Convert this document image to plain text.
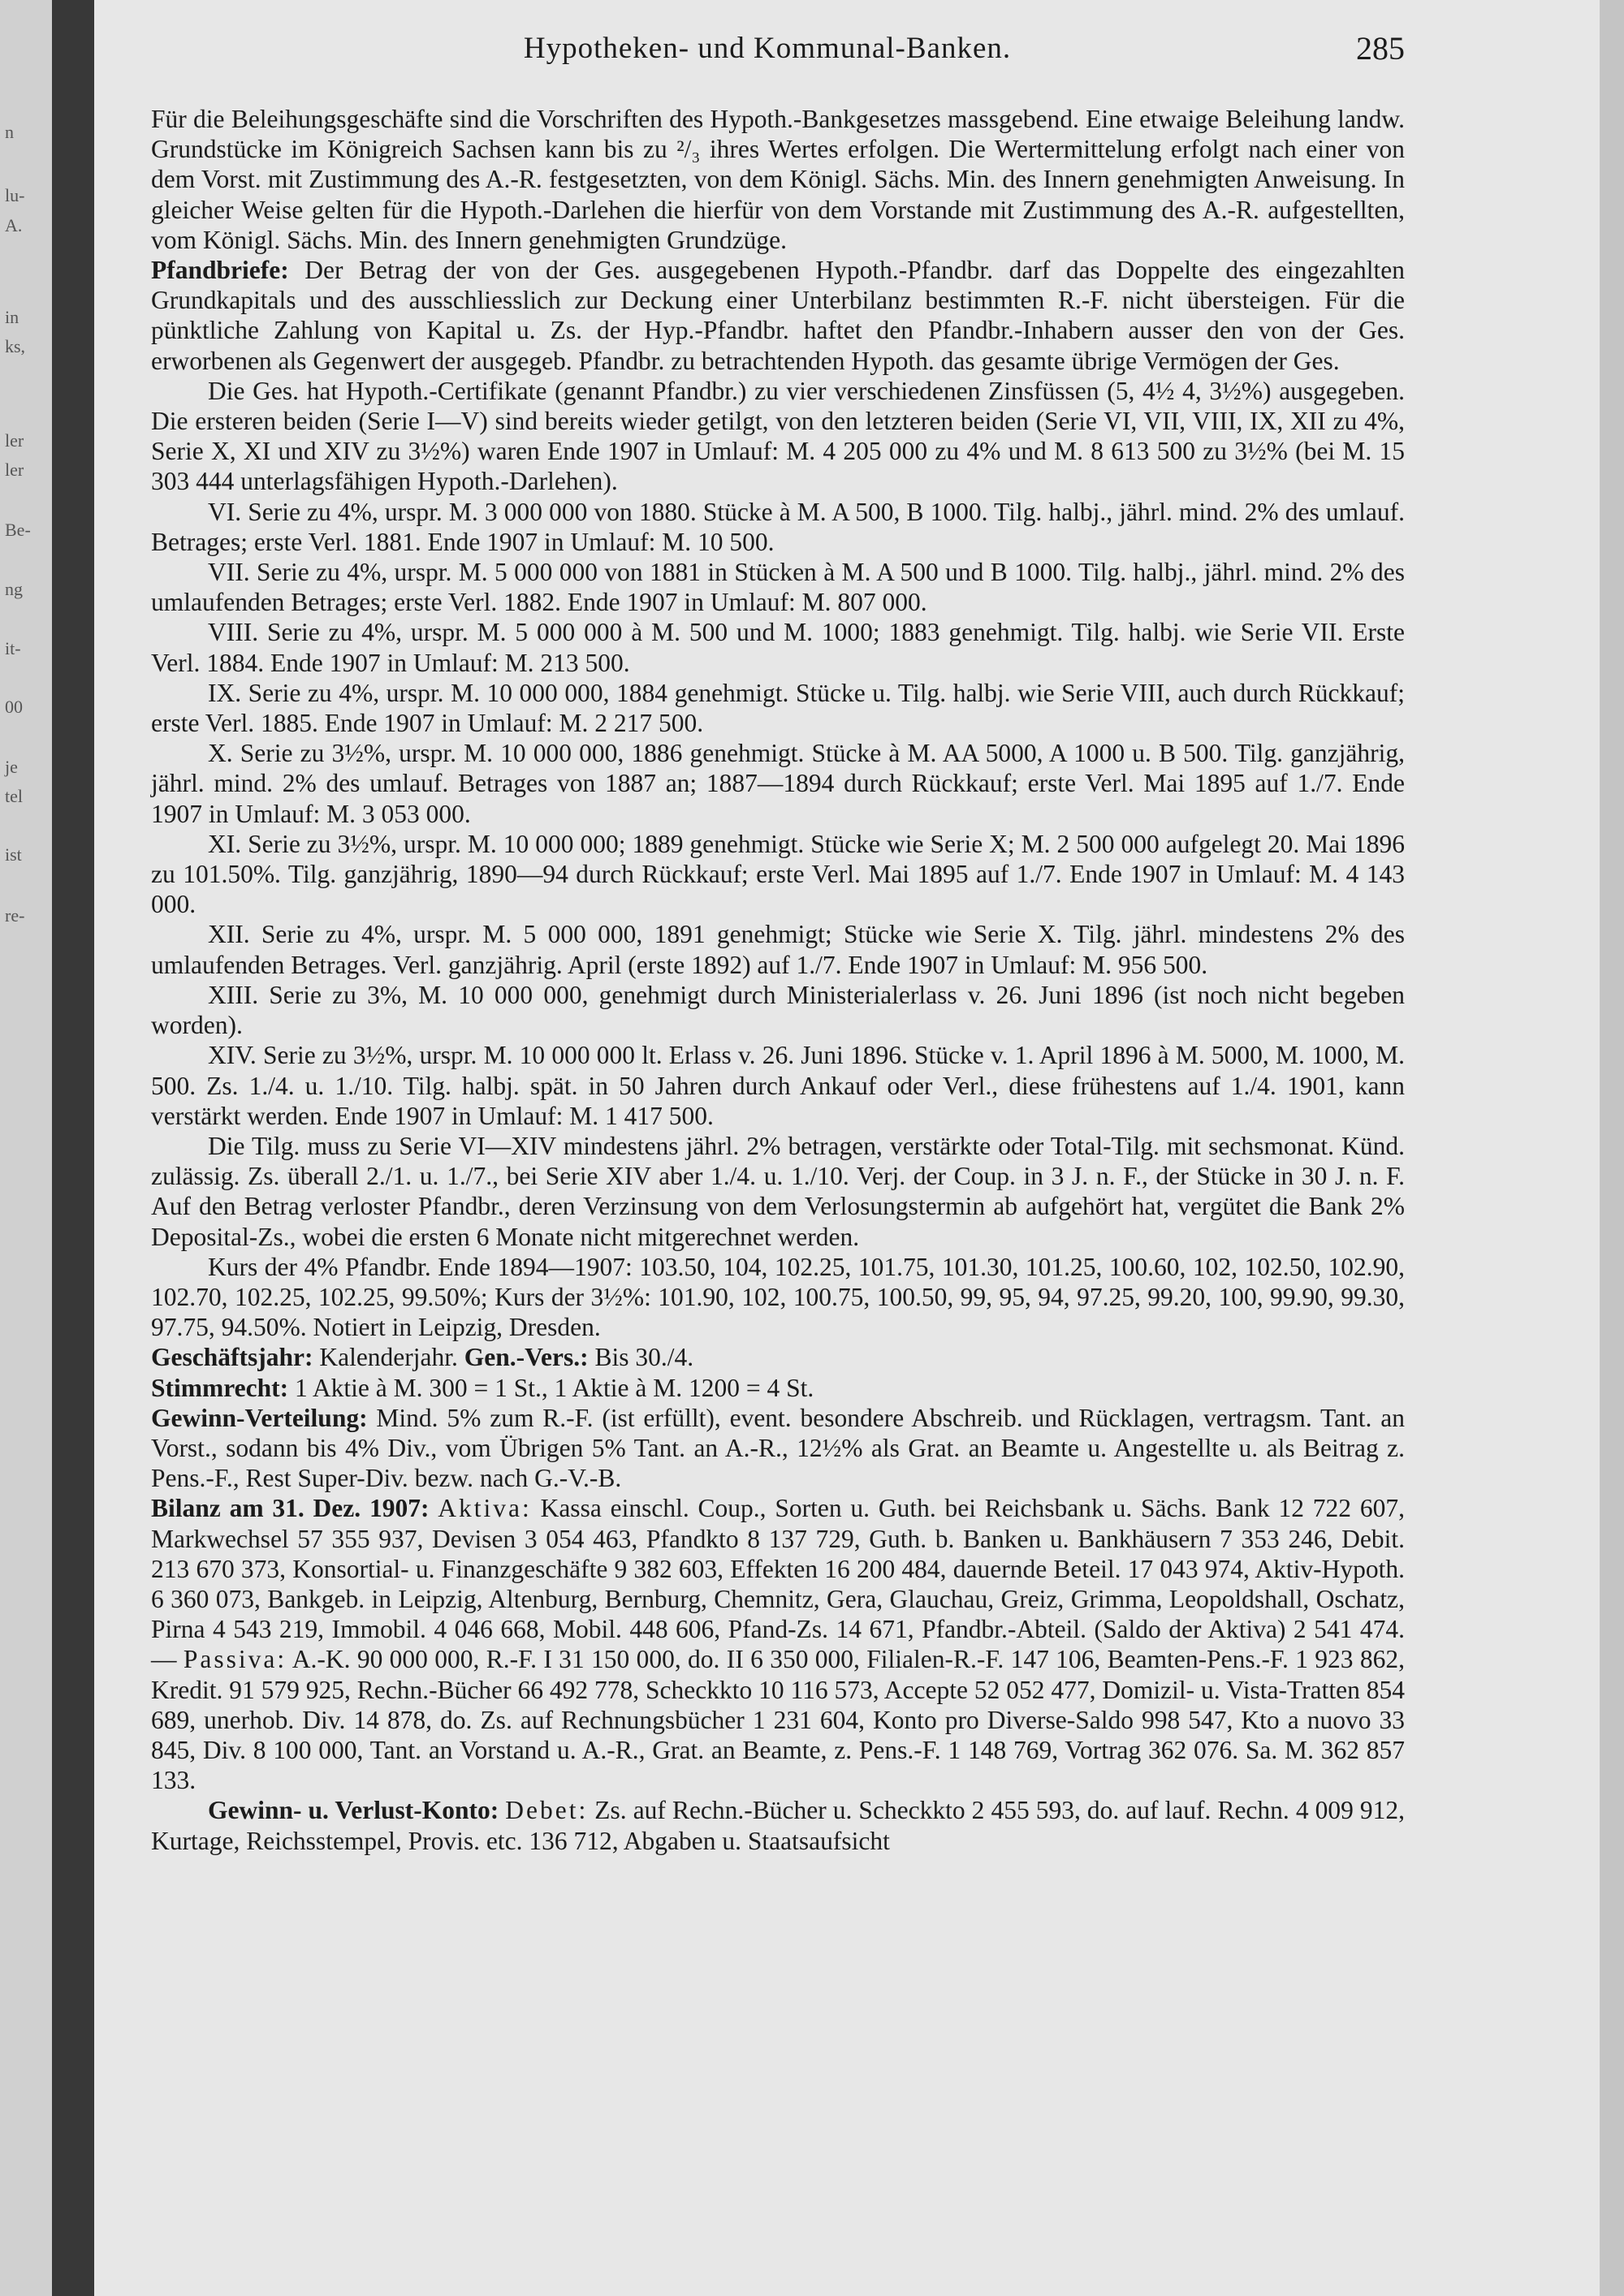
n
lu-
A.
in
ks,
ler
ler
Be-
ng
it-
00
je
tel
ist
re-
Hypotheken- und Kommunal-Banken.	285

Für die Beleihungsgeschäfte sind die Vorschriften des Hypoth.-Bankgesetzes massgebend. Eine etwaige Beleihung landw. Grundstücke im Königreich Sachsen kann bis zu ²/₃ ihres Wertes erfolgen. Die Wertermittelung erfolgt nach einer von dem Vorst. mit Zustimmung des A.-R. festgesetzten, von dem Königl. Sächs. Min. des Innern genehmigten Anweisung. In gleicher Weise gelten für die Hypoth.-Darlehen die hierfür von dem Vorstande mit Zustimmung des A.-R. aufgestellten, vom Königl. Sächs. Min. des Innern genehmigten Grundzüge.

Pfandbriefe: Der Betrag der von der Ges. ausgegebenen Hypoth.-Pfandbr. darf das Doppelte des eingezahlten Grundkapitals und des ausschliesslich zur Deckung einer Unterbilanz bestimmten R.-F. nicht übersteigen. Für die pünktliche Zahlung von Kapital u. Zs. der Hyp.-Pfandbr. haftet den Pfandbr.-Inhabern ausser den von der Ges. erworbenen als Gegenwert der ausgegeb. Pfandbr. zu betrachtenden Hypoth. das gesamte übrige Vermögen der Ges.

Die Ges. hat Hypoth.-Certifikate (genannt Pfandbr.) zu vier verschiedenen Zinsfüssen (5, 4½ 4, 3½%) ausgegeben. Die ersteren beiden (Serie I—V) sind bereits wieder getilgt, von den letzteren beiden (Serie VI, VII, VIII, IX, XII zu 4%, Serie X, XI und XIV zu 3½%) waren Ende 1907 in Umlauf: M. 4 205 000 zu 4% und M. 8 613 500 zu 3½% (bei M. 15 303 444 unterlagsfähigen Hypoth.-Darlehen).

VI. Serie zu 4%, urspr. M. 3 000 000 von 1880. Stücke à M. A 500, B 1000. Tilg. halbj., jährl. mind. 2% des umlauf. Betrages; erste Verl. 1881. Ende 1907 in Umlauf: M. 10 500.

VII. Serie zu 4%, urspr. M. 5 000 000 von 1881 in Stücken à M. A 500 und B 1000. Tilg. halbj., jährl. mind. 2% des umlaufenden Betrages; erste Verl. 1882. Ende 1907 in Umlauf: M. 807 000.

VIII. Serie zu 4%, urspr. M. 5 000 000 à M. 500 und M. 1000; 1883 genehmigt. Tilg. halbj. wie Serie VII. Erste Verl. 1884. Ende 1907 in Umlauf: M. 213 500.

IX. Serie zu 4%, urspr. M. 10 000 000, 1884 genehmigt. Stücke u. Tilg. halbj. wie Serie VIII, auch durch Rückkauf; erste Verl. 1885. Ende 1907 in Umlauf: M. 2 217 500.

X. Serie zu 3½%, urspr. M. 10 000 000, 1886 genehmigt. Stücke à M. AA 5000, A 1000 u. B 500. Tilg. ganzjährig, jährl. mind. 2% des umlauf. Betrages von 1887 an; 1887—1894 durch Rückkauf; erste Verl. Mai 1895 auf 1./7. Ende 1907 in Umlauf: M. 3 053 000.

XI. Serie zu 3½%, urspr. M. 10 000 000; 1889 genehmigt. Stücke wie Serie X; M. 2 500 000 aufgelegt 20. Mai 1896 zu 101.50%. Tilg. ganzjährig, 1890—94 durch Rückkauf; erste Verl. Mai 1895 auf 1./7. Ende 1907 in Umlauf: M. 4 143 000.

XII. Serie zu 4%, urspr. M. 5 000 000, 1891 genehmigt; Stücke wie Serie X. Tilg. jährl. mindestens 2% des umlaufenden Betrages. Verl. ganzjährig. April (erste 1892) auf 1./7. Ende 1907 in Umlauf: M. 956 500.

XIII. Serie zu 3%, M. 10 000 000, genehmigt durch Ministerialerlass v. 26. Juni 1896 (ist noch nicht begeben worden).

XIV. Serie zu 3½%, urspr. M. 10 000 000 lt. Erlass v. 26. Juni 1896. Stücke v. 1. April 1896 à M. 5000, M. 1000, M. 500. Zs. 1./4. u. 1./10. Tilg. halbj. spät. in 50 Jahren durch Ankauf oder Verl., diese frühestens auf 1./4. 1901, kann verstärkt werden. Ende 1907 in Umlauf: M. 1 417 500.

Die Tilg. muss zu Serie VI—XIV mindestens jährl. 2% betragen, verstärkte oder Total-Tilg. mit sechsmonat. Künd. zulässig. Zs. überall 2./1. u. 1./7., bei Serie XIV aber 1./4. u. 1./10. Verj. der Coup. in 3 J. n. F., der Stücke in 30 J. n. F. Auf den Betrag verloster Pfandbr., deren Verzinsung von dem Verlosungstermin ab aufgehört hat, vergütet die Bank 2% Deposital-Zs., wobei die ersten 6 Monate nicht mitgerechnet werden.

Kurs der 4% Pfandbr. Ende 1894—1907: 103.50, 104, 102.25, 101.75, 101.30, 101.25, 100.60, 102, 102.50, 102.90, 102.70, 102.25, 102.25, 99.50%; Kurs der 3½%: 101.90, 102, 100.75, 100.50, 99, 95, 94, 97.25, 99.20, 100, 99.90, 99.30, 97.75, 94.50%. Notiert in Leipzig, Dresden.

Geschäftsjahr: Kalenderjahr. Gen.-Vers.: Bis 30./4.

Stimmrecht: 1 Aktie à M. 300 = 1 St., 1 Aktie à M. 1200 = 4 St.

Gewinn-Verteilung: Mind. 5% zum R.-F. (ist erfüllt), event. besondere Abschreib. und Rücklagen, vertragsm. Tant. an Vorst., sodann bis 4% Div., vom Übrigen 5% Tant. an A.-R., 12½% als Grat. an Beamte u. Angestellte u. als Beitrag z. Pens.-F., Rest Super-Div. bezw. nach G.-V.-B.

Bilanz am 31. Dez. 1907: Aktiva: Kassa einschl. Coup., Sorten u. Guth. bei Reichsbank u. Sächs. Bank 12 722 607, Markwechsel 57 355 937, Devisen 3 054 463, Pfandkto 8 137 729, Guth. b. Banken u. Bankhäusern 7 353 246, Debit. 213 670 373, Konsortial- u. Finanzgeschäfte 9 382 603, Effekten 16 200 484, dauernde Beteil. 17 043 974, Aktiv-Hypoth. 6 360 073, Bankgeb. in Leipzig, Altenburg, Bernburg, Chemnitz, Gera, Glauchau, Greiz, Grimma, Leopoldshall, Oschatz, Pirna 4 543 219, Immobil. 4 046 668, Mobil. 448 606, Pfand-Zs. 14 671, Pfandbr.-Abteil. (Saldo der Aktiva) 2 541 474. — Passiva: A.-K. 90 000 000, R.-F. I 31 150 000, do. II 6 350 000, Filialen-R.-F. 147 106, Beamten-Pens.-F. 1 923 862, Kredit. 91 579 925, Rechn.-Bücher 66 492 778, Scheckkto 10 116 573, Accepte 52 052 477, Domizil- u. Vista-Tratten 854 689, unerhob. Div. 14 878, do. Zs. auf Rechnungsbücher 1 231 604, Konto pro Diverse-Saldo 998 547, Kto a nuovo 33 845, Div. 8 100 000, Tant. an Vorstand u. A.-R., Grat. an Beamte, z. Pens.-F. 1 148 769, Vortrag 362 076. Sa. M. 362 857 133.

Gewinn- u. Verlust-Konto: Debet: Zs. auf Rechn.-Bücher u. Scheckkto 2 455 593, do. auf lauf. Rechn. 4 009 912, Kurtage, Reichsstempel, Provis. etc. 136 712, Abgaben u. Staatsaufsicht
